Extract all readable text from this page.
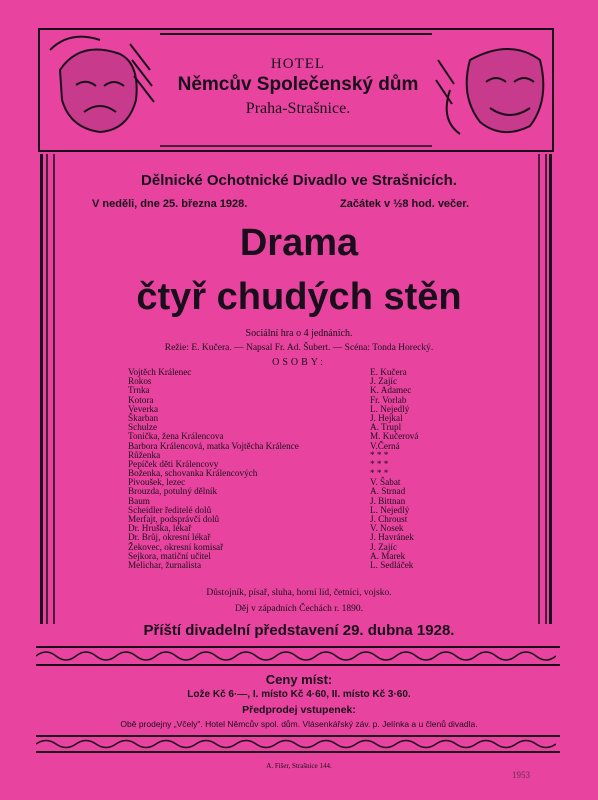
HOTEL
Němcův Společenský dům
Praha-Strašnice.
Dělnické Ochotnické Divadlo ve Strašnicích.
V neděli, dne 25. března 1928.	Začátek v ½8 hod. večer.
Drama
čtyř chudých stěn
Sociální hra o 4 jednáních.
Režie: E. Kučera. — Napsal Fr. Ad. Šubert. — Scéna: Tonda Horecký.
OSOBY:
Vojtěch Králenec	E. Kučera
Rokos	J. Zajíc
Trnka	K. Adamec
Kotora	Fr. Vorlab
Veverka	L. Nejedlý
Škarban	J. Hejkal
Schulze	A. Trupl
Tonička, žena Králencova	M. Kučerová
Barbora Králencová, matka Vojtěcha Králence	V.Černá
Růženka	* * *
Pepíček děti Králencovy	* * *
Boženka, schovanka Králencových	* * *
Pivoušek, lezec	V. Šabat
Brouzda, potulný dělník	A. Strnad
Baum	J. Bittnan
Scheidler ředitelé dolů	L. Nejedlý
Merfajt, podsprávčí dolů	J. Chroust
Dr. Hruška, lékař	V. Nosek
Dr. Brůj, okresní lékař	J. Havránek
Žekovec, okresní komisař	J. Zajíc
Sejkora, matiční učitel	A. Marek
Melichar, žurnalista	L. Sedláček
Důstojník, písař, sluha, horní lid, četníci, vojsko.
Děj v západních Čechách r. 1890.
Příští divadelní představení 29. dubna 1928.
Ceny míst:
Lože Kč 6·—, I. místo Kč 4·60, II. místo Kč 3·60.
Předprodej vstupenek:
Obě prodejny „Včely". Hotel Němcův spol. dům. Vlásenkářský záv. p. Jelínka a u členů divadla.
A. Fišer, Strašnice 144.
1953
